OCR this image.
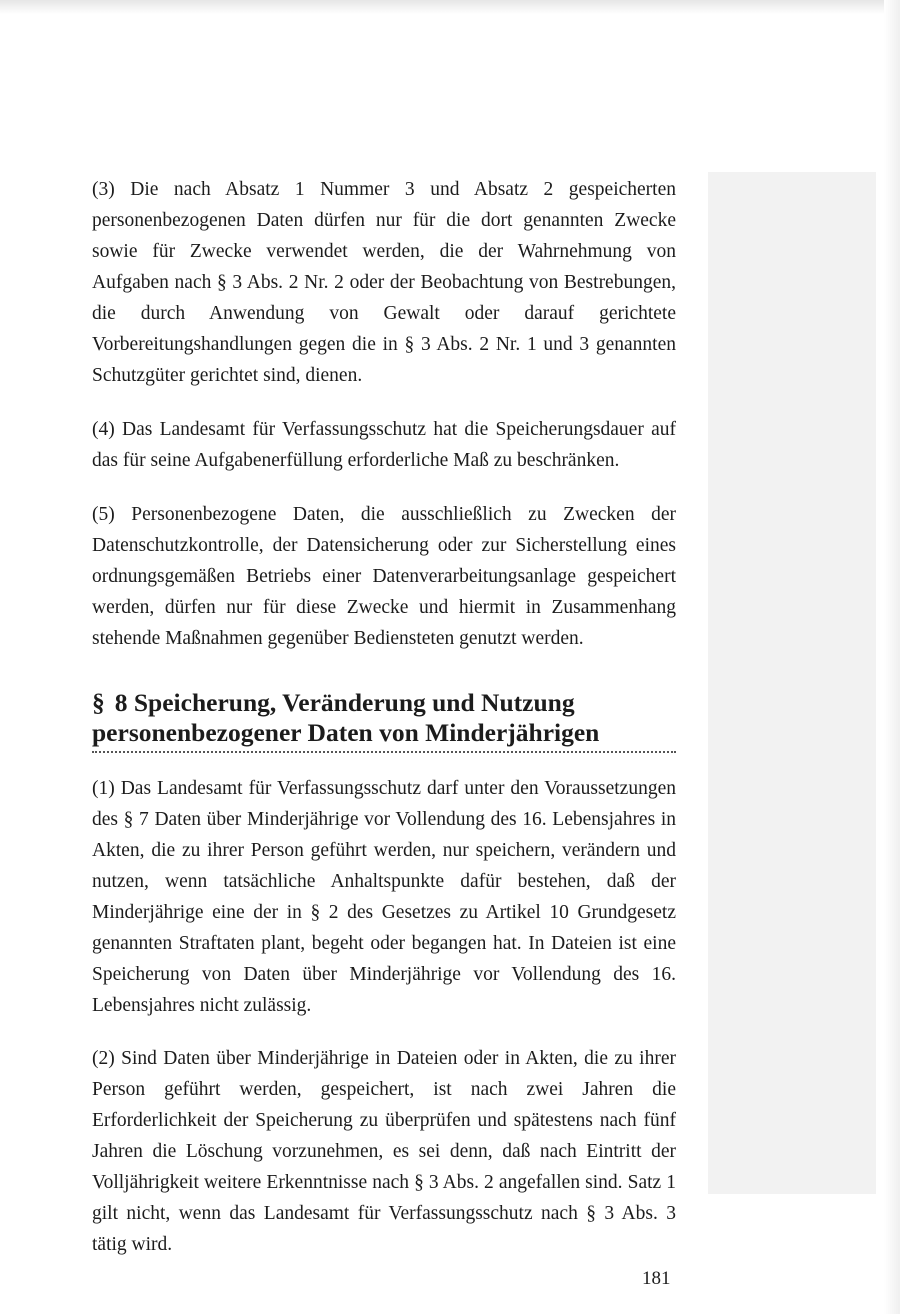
(3) Die nach Absatz 1 Nummer 3 und Absatz 2 gespeicherten personenbezogenen Daten dürfen nur für die dort genannten Zwecke sowie für Zwecke verwendet werden, die der Wahrnehmung von Aufgaben nach § 3 Abs. 2 Nr. 2 oder der Beobachtung von Bestrebungen, die durch Anwendung von Gewalt oder darauf gerichtete Vorbereitungshandlungen gegen die in § 3 Abs. 2 Nr. 1 und 3 genannten Schutzgüter gerichtet sind, dienen.

(4) Das Landesamt für Verfassungsschutz hat die Speicherungsdauer auf das für seine Aufgabenerfüllung erforderliche Maß zu beschränken.

(5) Personenbezogene Daten, die ausschließlich zu Zwecken der Datenschutzkontrolle, der Datensicherung oder zur Sicherstellung eines ordnungsgemäßen Betriebs einer Datenverarbeitungsanlage gespeichert werden, dürfen nur für diese Zwecke und hiermit in Zusammenhang stehende Maßnahmen gegenüber Bediensteten genutzt werden.

§ 8 Speicherung, Veränderung und Nutzung personenbezogener Daten von Minderjährigen

(1) Das Landesamt für Verfassungsschutz darf unter den Voraussetzungen des § 7 Daten über Minderjährige vor Vollendung des 16. Lebensjahres in Akten, die zu ihrer Person geführt werden, nur speichern, verändern und nutzen, wenn tatsächliche Anhaltspunkte dafür bestehen, daß der Minderjährige eine der in § 2 des Gesetzes zu Artikel 10 Grundgesetz genannten Straftaten plant, begeht oder begangen hat. In Dateien ist eine Speicherung von Daten über Minderjährige vor Vollendung des 16. Lebensjahres nicht zulässig.

(2) Sind Daten über Minderjährige in Dateien oder in Akten, die zu ihrer Person geführt werden, gespeichert, ist nach zwei Jahren die Erforderlichkeit der Speicherung zu überprüfen und spätestens nach fünf Jahren die Löschung vorzunehmen, es sei denn, daß nach Eintritt der Volljährigkeit weitere Erkenntnisse nach § 3 Abs. 2 angefallen sind. Satz 1 gilt nicht, wenn das Landesamt für Verfassungsschutz nach § 3 Abs. 3 tätig wird.

181
